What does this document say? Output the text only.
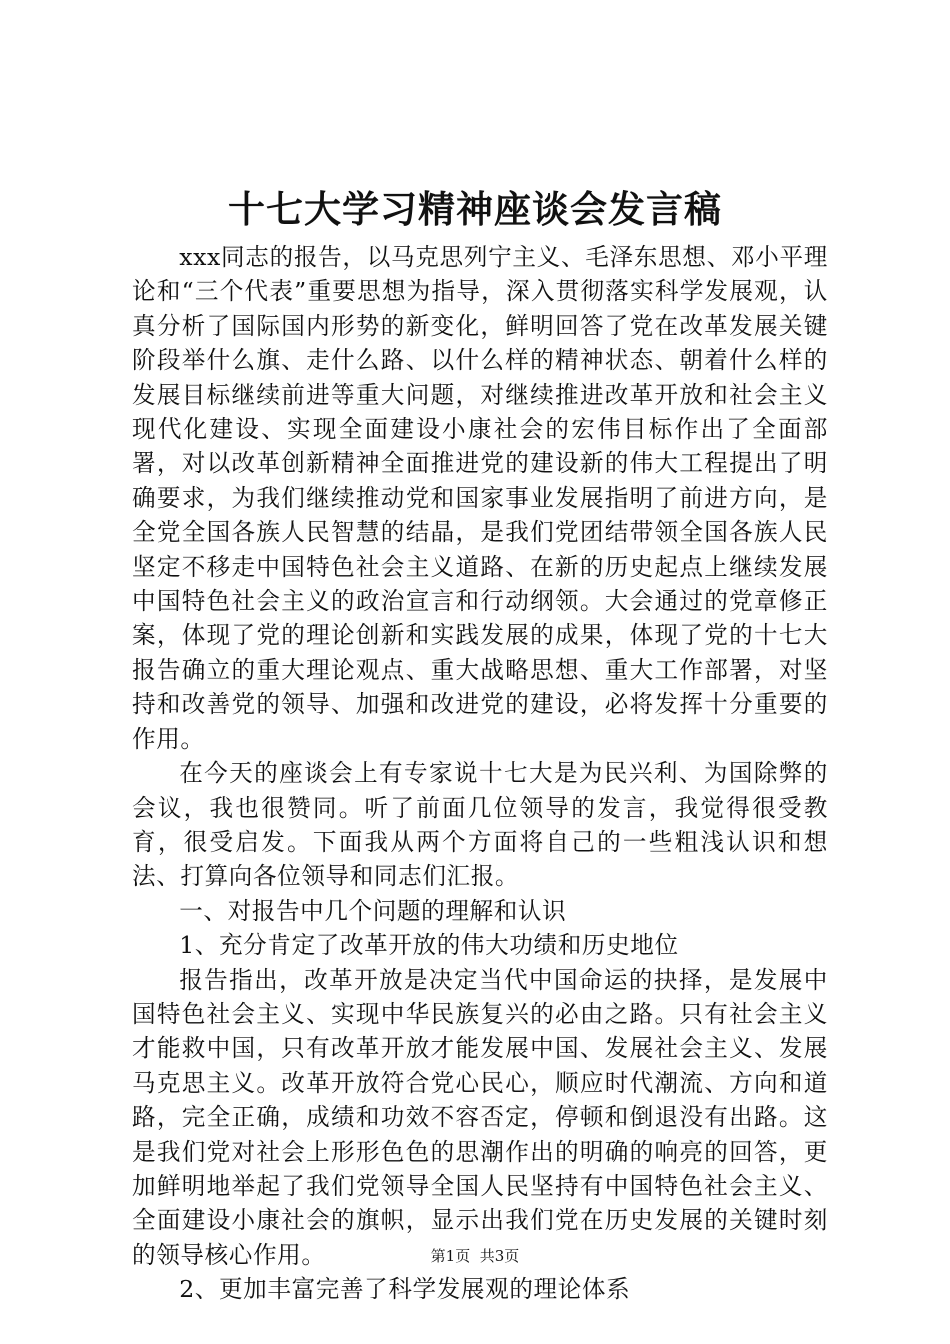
十七大学习精神座谈会发言稿

xxx同志的报告，以马克思列宁主义、毛泽东思想、邓小平理论和“三个代表”重要思想为指导，深入贯彻落实科学发展观，认真分析了国际国内形势的新变化，鲜明回答了党在改革发展关键阶段举什么旗、走什么路、以什么样的精神状态、朝着什么样的发展目标继续前进等重大问题，对继续推进改革开放和社会主义现代化建设、实现全面建设小康社会的宏伟目标作出了全面部署，对以改革创新精神全面推进党的建设新的伟大工程提出了明确要求，为我们继续推动党和国家事业发展指明了前进方向，是全党全国各族人民智慧的结晶，是我们党团结带领全国各族人民坚定不移走中国特色社会主义道路、在新的历史起点上继续发展中国特色社会主义的政治宣言和行动纲领。大会通过的党章修正案，体现了党的理论创新和实践发展的成果，体现了党的十七大报告确立的重大理论观点、重大战略思想、重大工作部署，对坚持和改善党的领导、加强和改进党的建设，必将发挥十分重要的作用。

在今天的座谈会上有专家说十七大是为民兴利、为国除弊的会议，我也很赞同。听了前面几位领导的发言，我觉得很受教育，很受启发。下面我从两个方面将自己的一些粗浅认识和想法、打算向各位领导和同志们汇报。

一、对报告中几个问题的理解和认识

1、充分肯定了改革开放的伟大功绩和历史地位

报告指出，改革开放是决定当代中国命运的抉择，是发展中国特色社会主义、实现中华民族复兴的必由之路。只有社会主义才能救中国，只有改革开放才能发展中国、发展社会主义、发展马克思主义。改革开放符合党心民心，顺应时代潮流、方向和道路，完全正确，成绩和功效不容否定，停顿和倒退没有出路。这是我们党对社会上形形色色的思潮作出的明确的响亮的回答，更加鲜明地举起了我们党领导全国人民坚持有中国特色社会主义、全面建设小康社会的旗帜，显示出我们党在历史发展的关键时刻的领导核心作用。

2、更加丰富完善了科学发展观的理论体系

第1页 共3页
